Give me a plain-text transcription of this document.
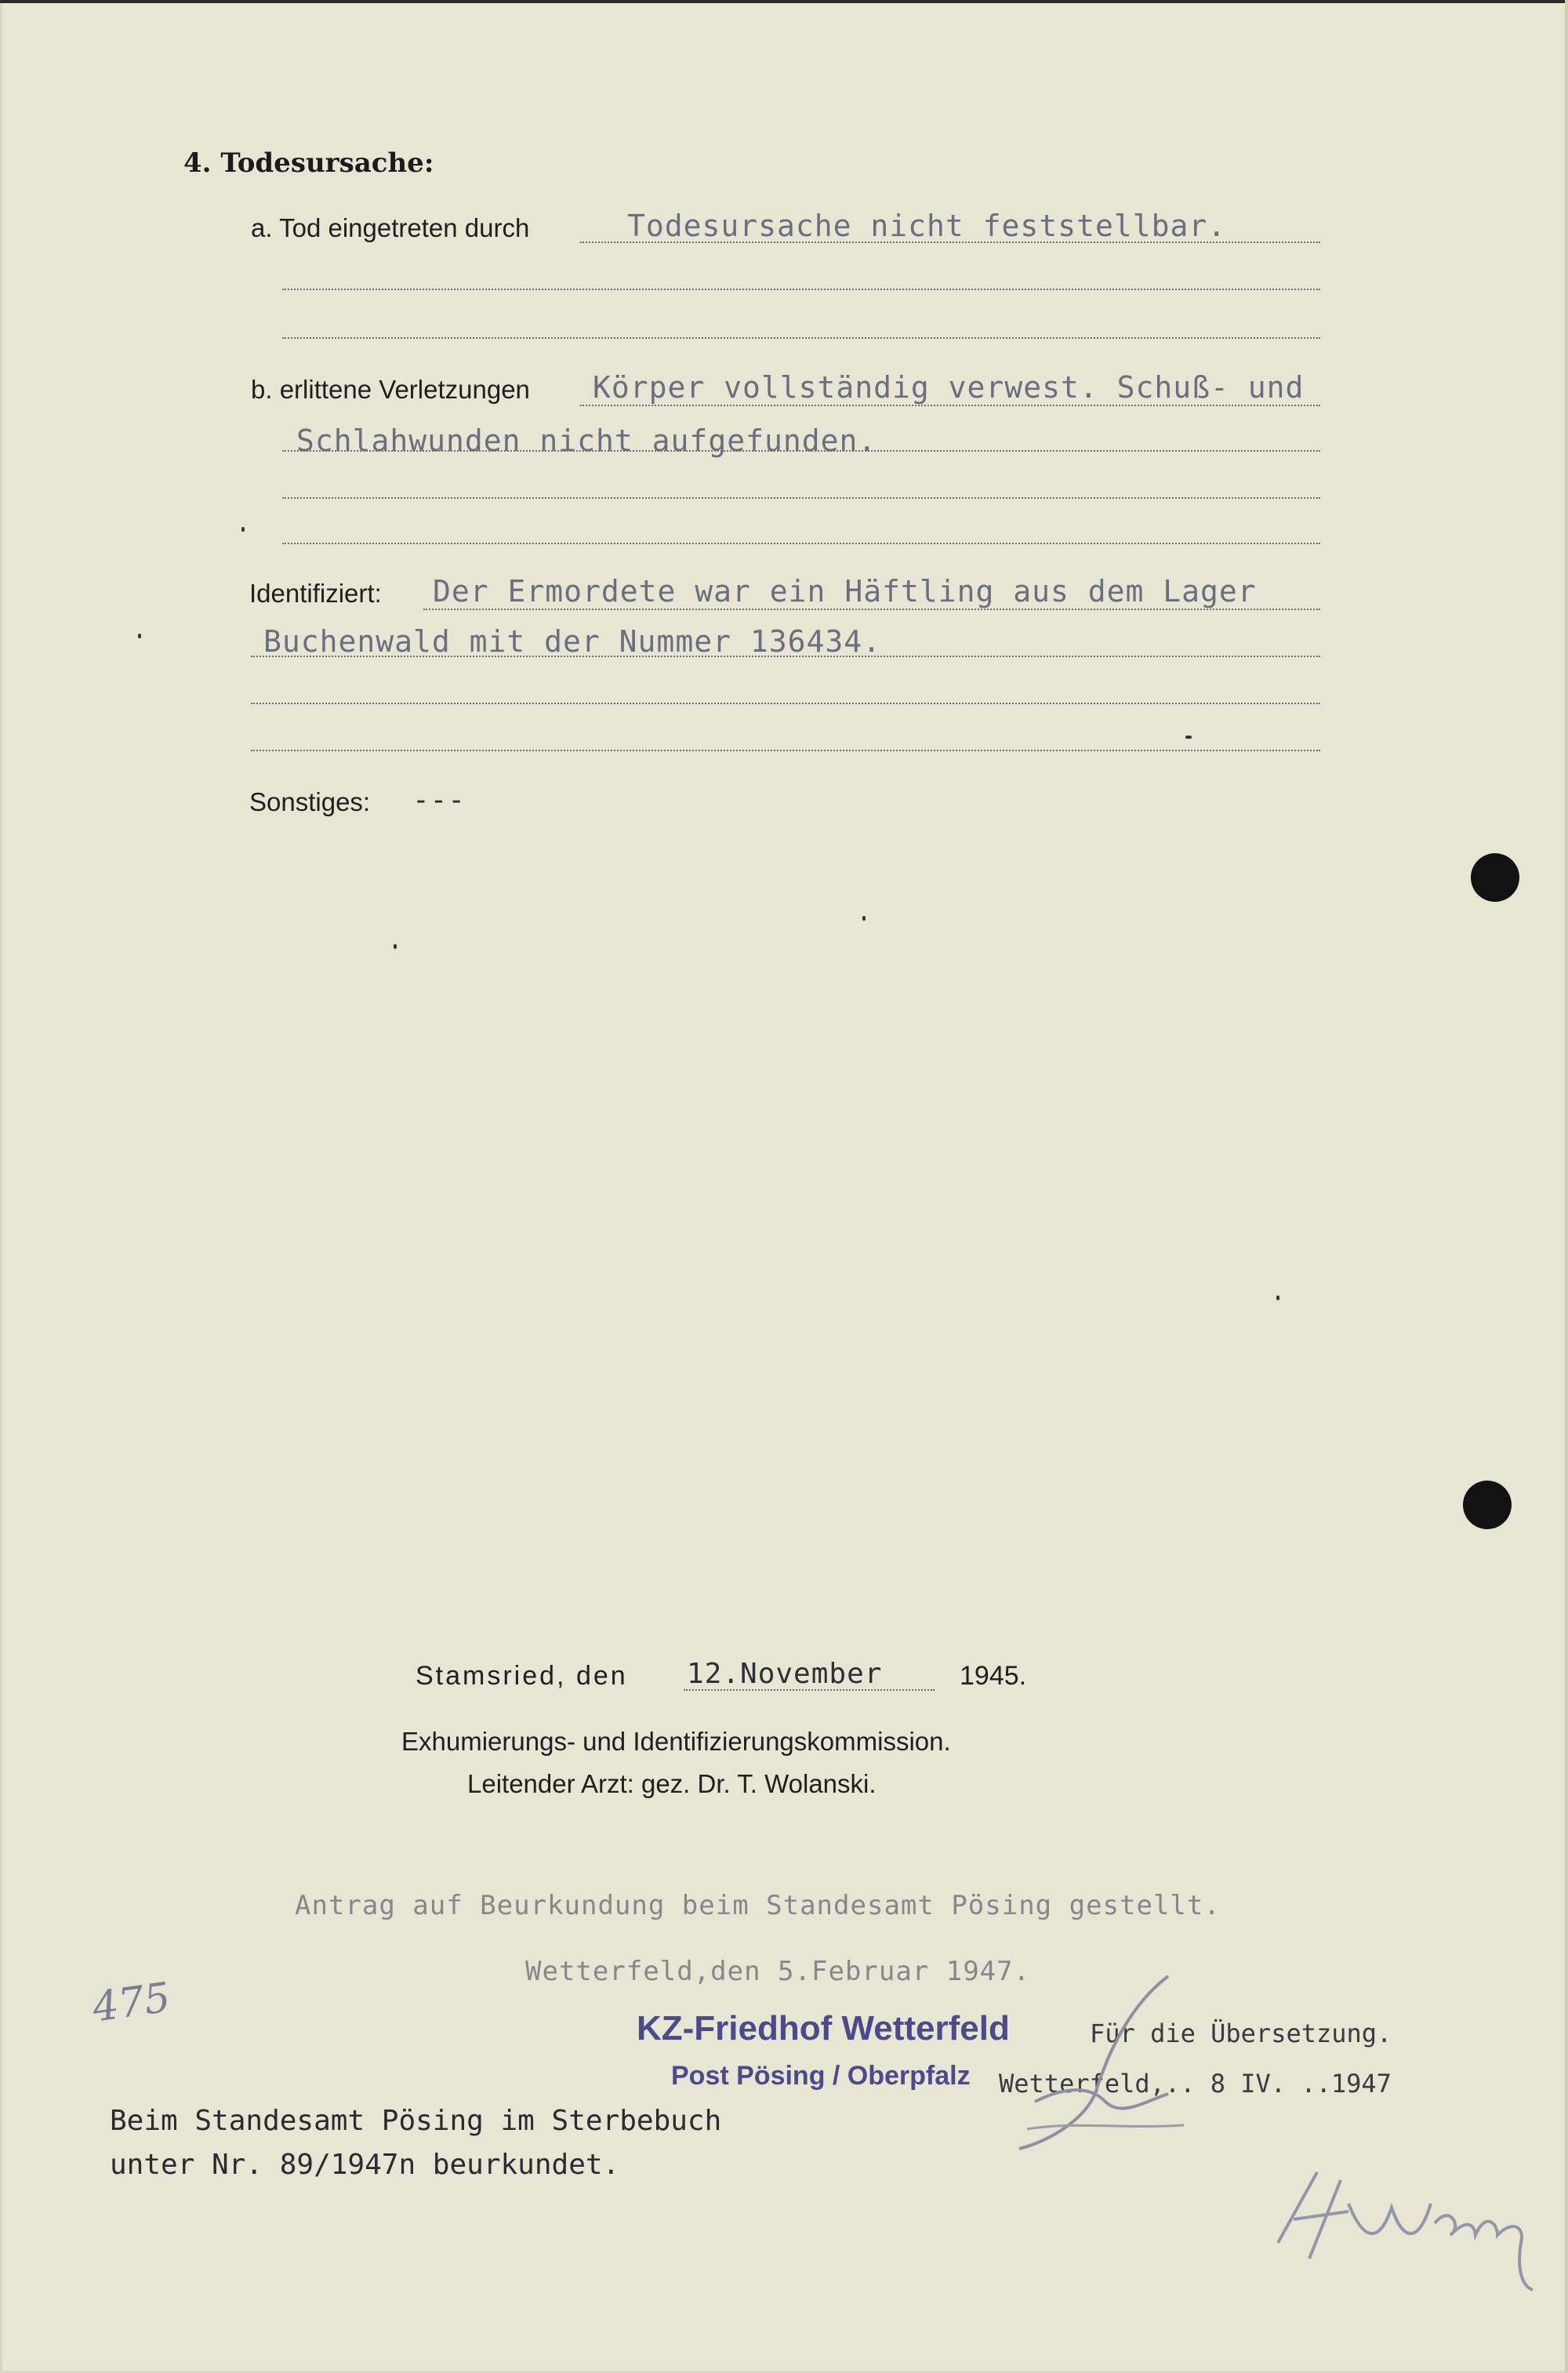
4. Todesursache:
a. Tod eingetreten durch	Todesursache nicht feststellbar.
b. erlittene Verletzungen Körper vollständig verwest. Schuß- und
Schlahwunden nicht aufgefunden.
Identifiziert: Der Ermordete war ein Häftling aus dem Lager
Buchenwald mit der Nummer 136434.
Sonstiges: ---
Stamsried, den 12.November	1945.
Exhumierungs- und Identifizierungskommission.
Leitender Arzt: gez. Dr. T. Wolanski.
Antrag auf Beurkundung beim Standesamt Pösing gestellt.
Wetterfeld,den 5.Februar 1947.
475	KZ-Friedhof Wetterfeld
Post Pösing / Oberpfalz
Für die Übersetzung.
Wetterfeld,.. 8 IV. ..1947
Beim Standesamt Pösing im Sterbebuch
unter Nr. 89/1947n beurkundet.
